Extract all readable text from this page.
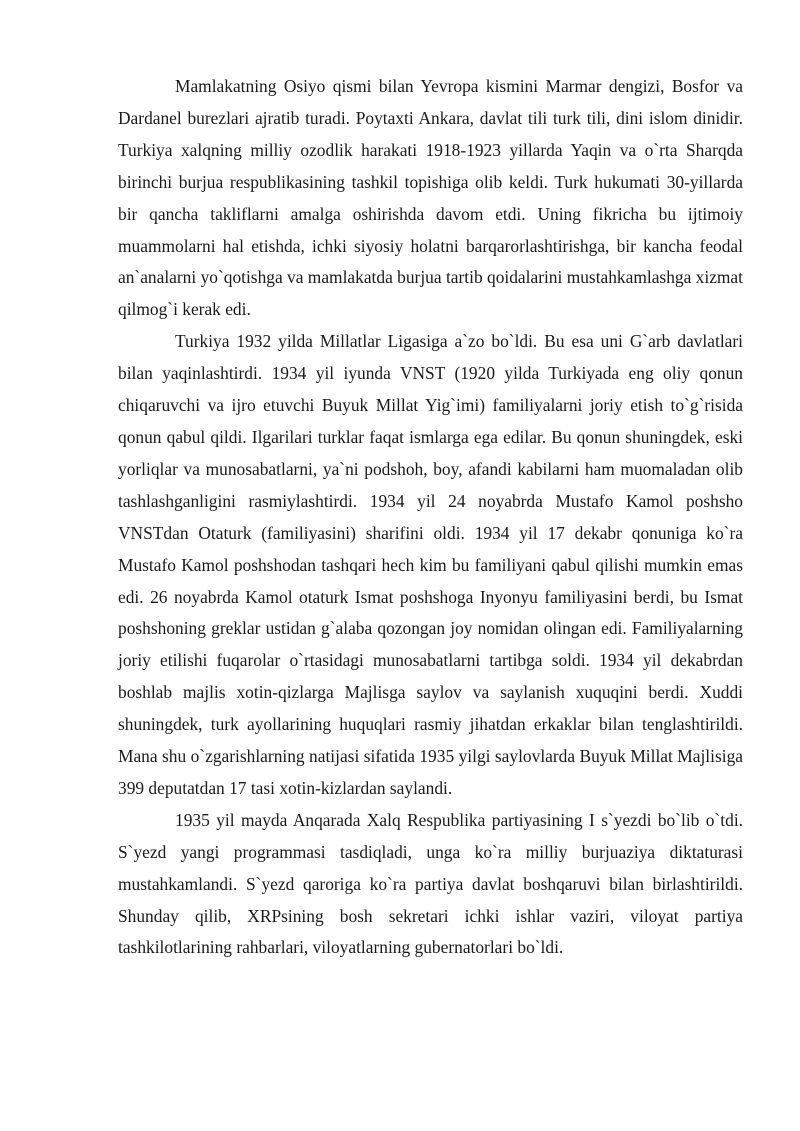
Mamlakatning Osiyo qismi bilan Yevropa kismini Marmar dengizi, Bosfor va Dardanel burezlari ajratib turadi. Poytaxti Ankara, davlat tili turk tili, dini islom dinidir. Turkiya xalqning milliy ozodlik harakati 1918-1923 yillarda Yaqin va o`rta Sharqda birinchi burjua respublikasining tashkil topishiga olib keldi. Turk hukumati 30-yillarda bir qancha takliflarni amalga oshirishda davom etdi. Uning fikricha bu ijtimoiy muammolarni hal etishda, ichki siyosiy holatni barqarorlashtirishga, bir kancha feodal an`analarni yo`qotishga va mamlakatda burjua tartib qoidalarini mustahkamlashga xizmat qilmog`i kerak edi.

Turkiya 1932 yilda Millatlar Ligasiga a`zo bo`ldi. Bu esa uni G`arb davlatlari bilan yaqinlashtirdi. 1934 yil iyunda VNST (1920 yilda Turkiyada eng oliy qonun chiqaruvchi va ijro etuvchi Buyuk Millat Yig`imi) familiyalarni joriy etish to`g`risida qonun qabul qildi. Ilgarilari turklar faqat ismlarga ega edilar. Bu qonun shuningdek, eski yorliqlar va munosabatlarni, ya`ni podshoh, boy, afandi kabilarni ham muomaladan olib tashlashganligini rasmiylashtirdi. 1934 yil 24 noyabrda Mustafo Kamol poshsho VNSTdan Otaturk (familiyasini) sharifini oldi. 1934 yil 17 dekabr qonuniga ko`ra Mustafo Kamol poshshodan tashqari hech kim bu familiyani qabul qilishi mumkin emas edi. 26 noyabrda Kamol otaturk Ismat poshshoga Inyonyu familiyasini berdi, bu Ismat poshshoning greklar ustidan g`alaba qozongan joy nomidan olingan edi. Familiyalarning joriy etilishi fuqarolar o`rtasidagi munosabatlarni tartibga soldi. 1934 yil dekabrdan boshlab majlis xotin-qizlarga Majlisga saylov va saylanish xuquqini berdi. Xuddi shuningdek, turk ayollarining huquqlari rasmiy jihatdan erkaklar bilan tenglashtirildi. Mana shu o`zgarishlarning natijasi sifatida 1935 yilgi saylovlarda Buyuk Millat Majlisiga 399 deputatdan 17 tasi xotin-kizlardan saylandi.

1935 yil mayda Anqarada Xalq Respublika partiyasining I s`yezdi bo`lib o`tdi. S`yezd yangi programmasi tasdiqladi, unga ko`ra milliy burjuaziya diktaturasi mustahkamlandi. S`yezd qaroriga ko`ra partiya davlat boshqaruvi bilan birlashtirildi. Shunday qilib, XRPsining bosh sekretari ichki ishlar vaziri, viloyat partiya tashkilotlarining rahbarlari, viloyatlarning gubernatorlari bo`ldi.
